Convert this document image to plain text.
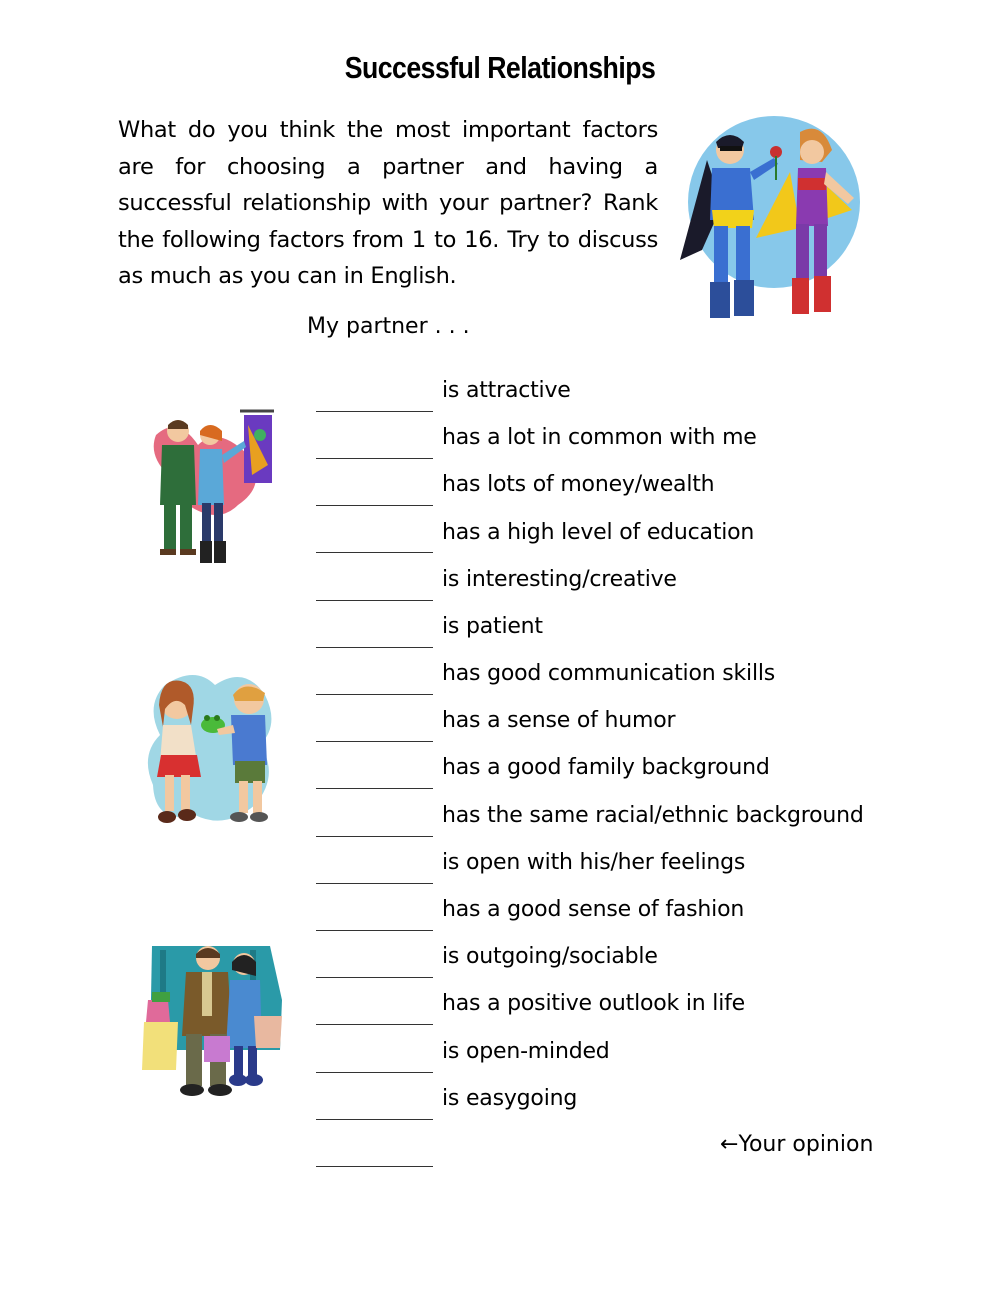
Successful Relationships
What do you think the most important factors are for choosing a partner and having a successful relationship with your partner? Rank the following factors from 1 to 16. Try to discuss as much as you can in English.
My partner . . .
is attractive
has a lot in common with me
has lots of money/wealth
has a high level of education
is interesting/creative
is patient
has good communication skills
has a sense of humor
has a good family background
has the same racial/ethnic background
is open with his/her feelings
has a good sense of fashion
is outgoing/sociable
has a positive outlook in life
is open-minded
is easygoing
←Your opinion
